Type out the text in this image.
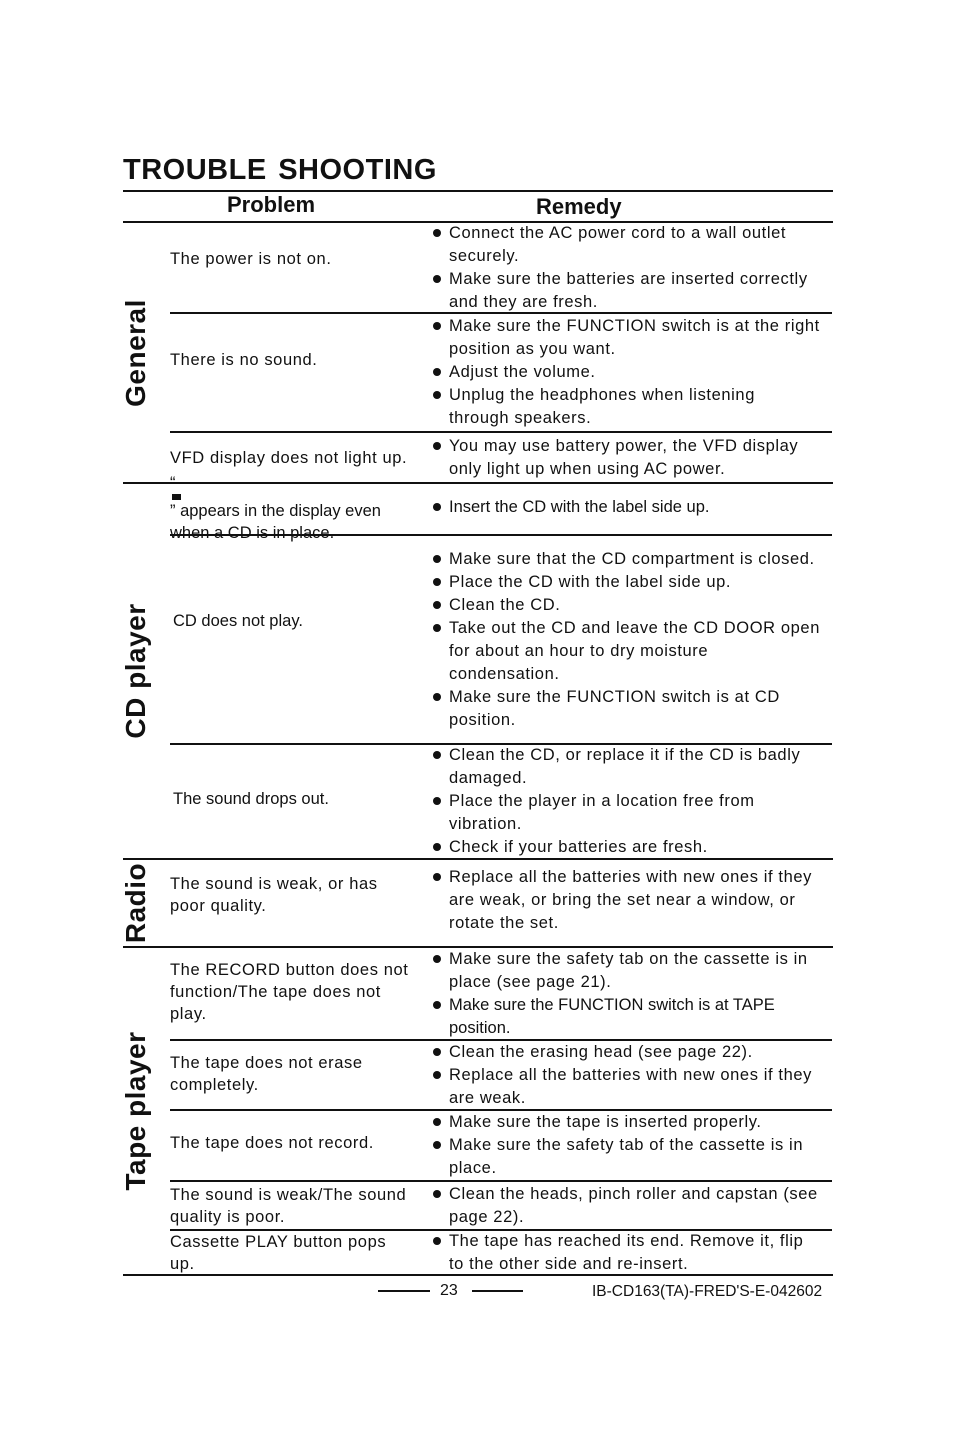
TROUBLE SHOOTING
Problem	Remedy
General
CD player
Radio
Tape player
The power is not on.
Connect the AC power cord to a wall outlet securely.
Make sure the batteries are inserted correctly and they are fresh.
There is no sound.
Make sure the FUNCTION switch is at the right position as you want.
Adjust the volume.
Unplug the headphones when listening through speakers.
VFD display does not light up.
You may use battery power, the VFD display only light up when using AC power.
“
” appears in the display even when a CD is in place.
Insert the CD with the label side up.
CD does not play.
Make sure that the CD compartment is closed.
Place the CD with the label side up.
Clean the CD.
Take out the CD and leave the CD DOOR open for about an hour to dry moisture condensation.
Make sure the FUNCTION switch is at CD position.
The sound drops out.
Clean the CD, or replace it if the CD is badly damaged.
Place the player in a location free from vibration.
Check if your batteries are fresh.
The sound is weak, or has poor quality.
Replace all the batteries with new ones if they are weak, or bring the set near a window, or rotate the set.
The RECORD button does not function/The tape does not play.
Make sure the safety tab on the cassette is in place (see page 21).
Make sure the FUNCTION switch is at TAPE position.
The tape does not erase completely.
Clean the erasing head (see page 22).
Replace all the batteries with new ones if they are weak.
The tape does not record.
Make sure the tape is inserted properly.
Make sure the safety tab of the cassette is in place.
The sound is weak/The sound quality is poor.
Clean the heads, pinch roller and capstan (see page 22).
Cassette PLAY button pops up.
The tape has reached its end. Remove it, flip to the other side and re-insert.
23	IB-CD163(TA)-FRED'S-E-042602
